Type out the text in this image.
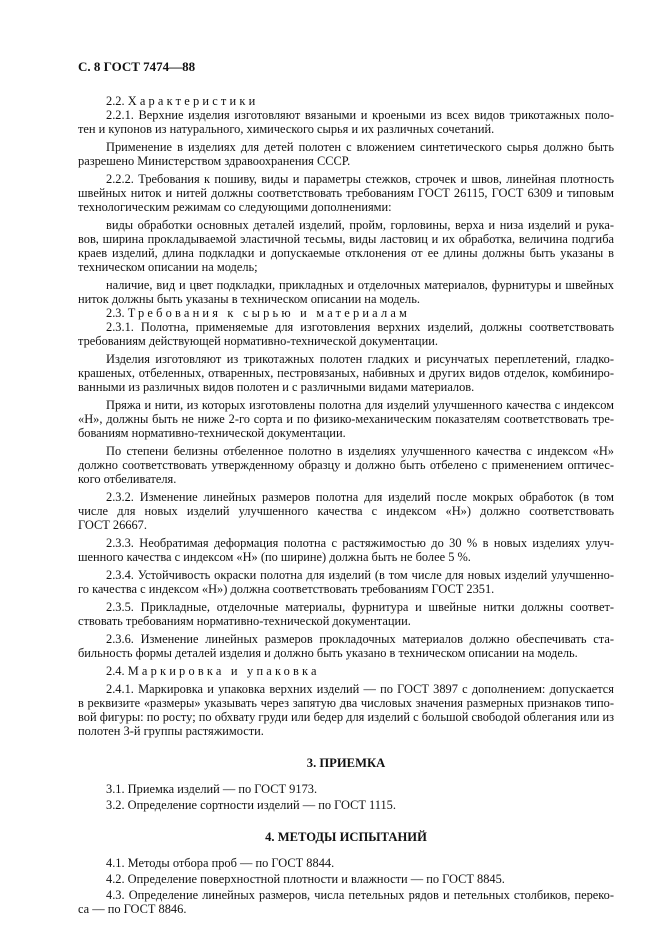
С. 8 ГОСТ 7474—88
2.2. Характеристики
2.2.1. Верхние изделия изготовляют вязаными и кроеными из всех видов трикотажных поло-
тен и купонов из натурального, химического сырья и их различных сочетаний.
Применение в изделиях для детей полотен с вложением синтетического сырья должно быть
разрешено Министерством здравоохранения СССР.
2.2.2. Требования к пошиву, виды и параметры стежков, строчек и швов, линейная плотность
швейных ниток и нитей должны соответствовать требованиям ГОСТ 26115, ГОСТ 6309 и типовым
технологическим режимам со следующими дополнениями:
виды обработки основных деталей изделий, пройм, горловины, верха и низа изделий и рука-
вов, ширина прокладываемой эластичной тесьмы, виды ластовиц и их обработка, величина подгиба
краев изделий, длина подкладки и допускаемые отклонения от ее длины должны быть указаны в
техническом описании на модель;
наличие, вид и цвет подкладки, прикладных и отделочных материалов, фурнитуры и швейных
ниток должны быть указаны в техническом описании на модель.
2.3. Требования к сырью и материалам
2.3.1. Полотна, применяемые для изготовления верхних изделий, должны соответствовать
требованиям действующей нормативно-технической документации.
Изделия изготовляют из трикотажных полотен гладких и рисунчатых переплетений, гладко-
крашеных, отбеленных, отваренных, пестровязаных, набивных и других видов отделок, комбиниро-
ванными из различных видов полотен и с различными видами материалов.
Пряжа и нити, из которых изготовлены полотна для изделий улучшенного качества с индексом
«Н», должны быть не ниже 2-го сорта и по физико-механическим показателям соответствовать тре-
бованиям нормативно-технической документации.
По степени белизны отбеленное полотно в изделиях улучшенного качества с индексом «Н»
должно соответствовать утвержденному образцу и должно быть отбелено с применением оптичес-
кого отбеливателя.
2.3.2. Изменение линейных размеров полотна для изделий после мокрых обработок (в том
числе для новых изделий улучшенного качества с индексом «Н») должно соответствовать
ГОСТ 26667.
2.3.3. Необратимая деформация полотна с растяжимостью до 30 % в новых изделиях улуч-
шенного качества с индексом «Н» (по ширине) должна быть не более 5 %.
2.3.4. Устойчивость окраски полотна для изделий (в том числе для новых изделий улучшенно-
го качества с индексом «Н») должна соответствовать требованиям ГОСТ 2351.
2.3.5. Прикладные, отделочные материалы, фурнитура и швейные нитки должны соответ-
ствовать требованиям нормативно-технической документации.
2.3.6. Изменение линейных размеров прокладочных материалов должно обеспечивать ста-
бильность формы деталей изделия и должно быть указано в техническом описании на модель.
2.4. Маркировка и упаковка
2.4.1. Маркировка и упаковка верхних изделий — по ГОСТ 3897 с дополнением: допускается
в реквизите «размеры» указывать через запятую два числовых значения размерных признаков типо-
вой фигуры: по росту; по обхвату груди или бедер для изделий с большой свободой облегания или из
полотен 3-й группы растяжимости.
3. ПРИЕМКА
3.1. Приемка изделий — по ГОСТ 9173.
3.2. Определение сортности изделий — по ГОСТ 1115.
4. МЕТОДЫ ИСПЫТАНИЙ
4.1. Методы отбора проб — по ГОСТ 8844.
4.2. Определение поверхностной плотности и влажности — по ГОСТ 8845.
4.3. Определение линейных размеров, числа петельных рядов и петельных столбиков, переко-
са — по ГОСТ 8846.
